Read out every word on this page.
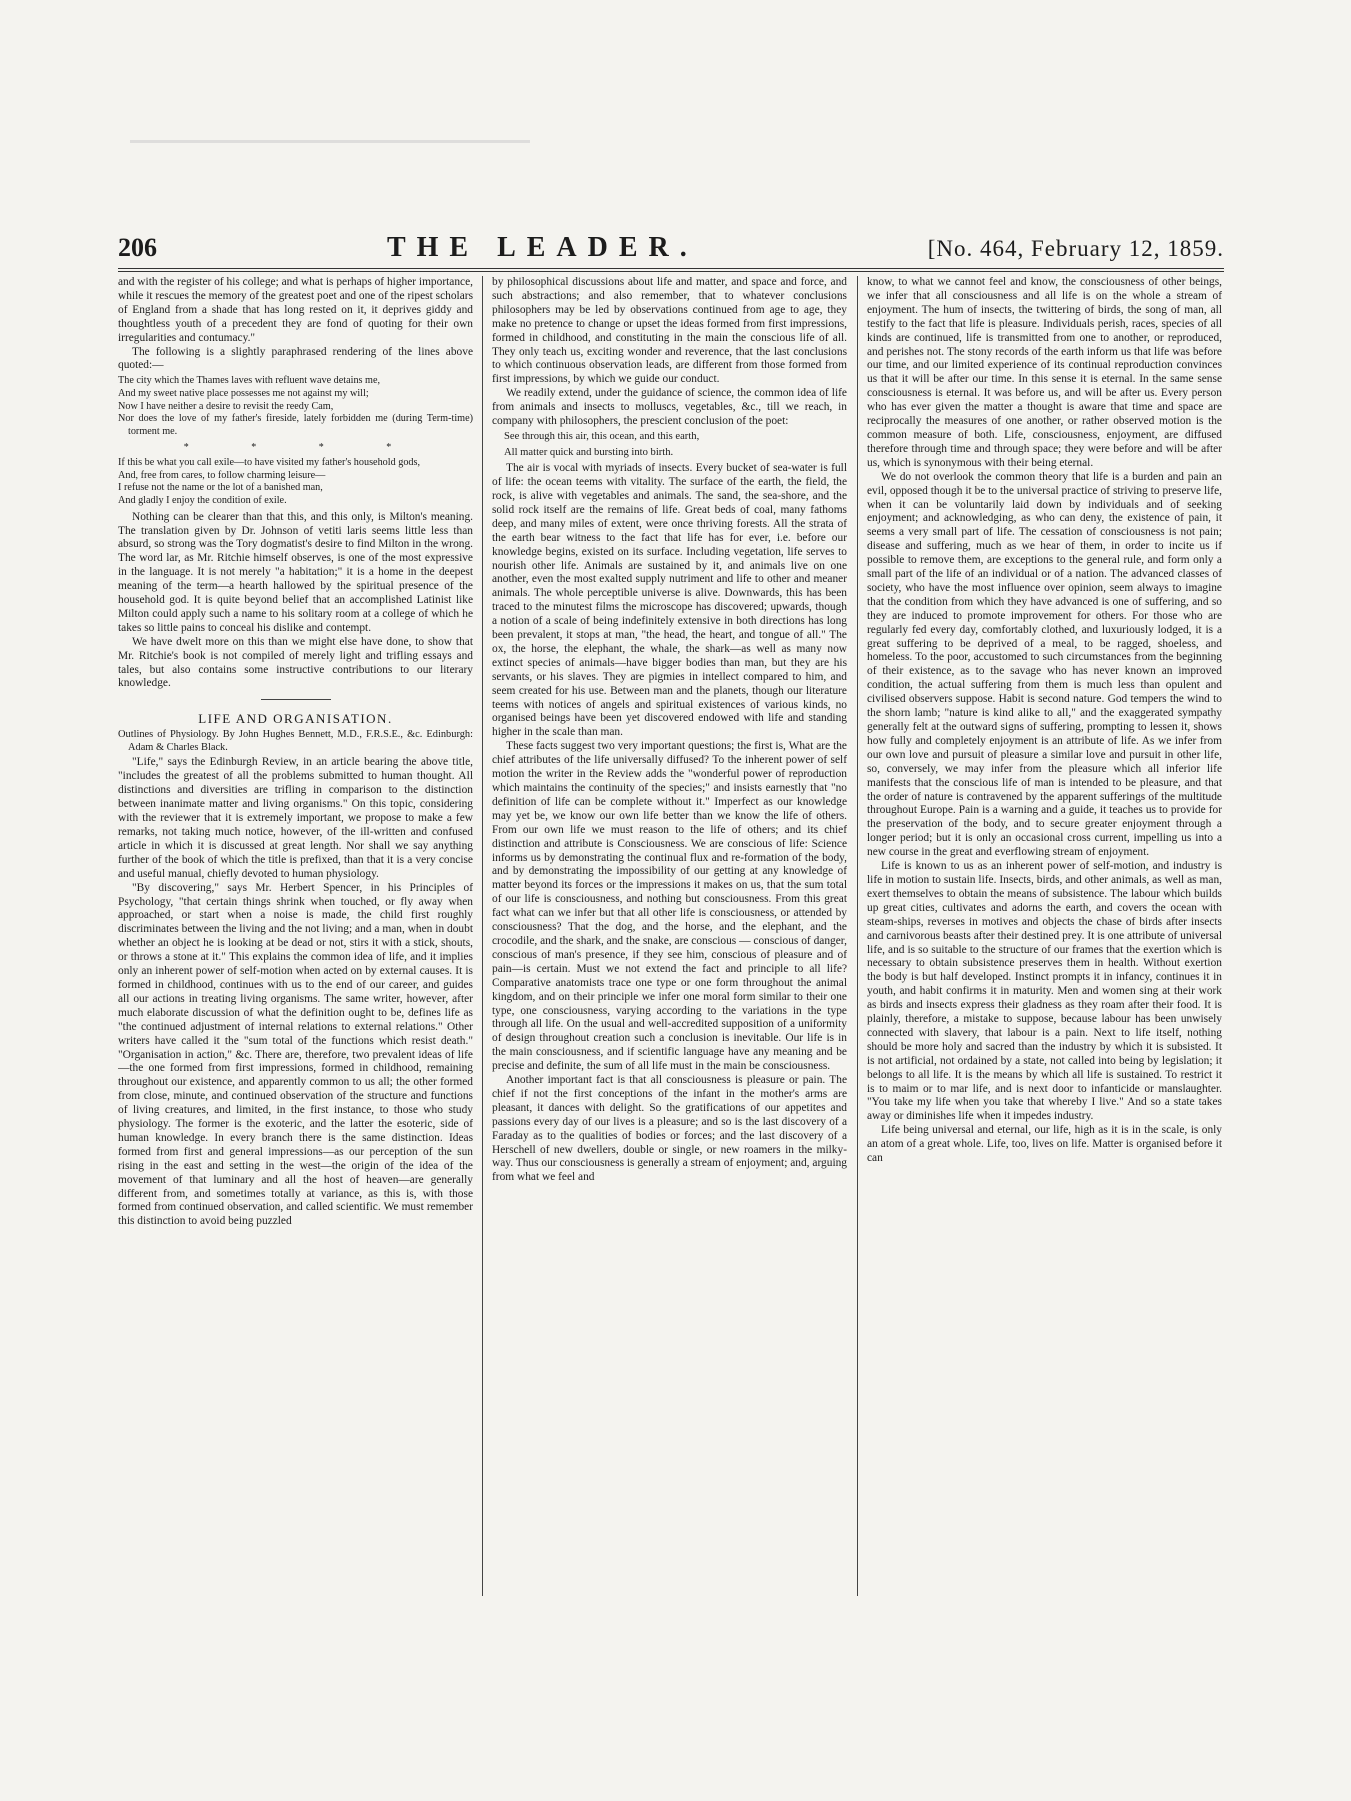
206	THE LEADER.	[No. 464, February 12, 1859.

and with the register of his college; and what is perhaps of higher importance, while it rescues the memory of the greatest poet and one of the ripest scholars of England from a shade that has long rested on it, it deprives giddy and thoughtless youth of a precedent they are fond of quoting for their own irregularities and contumacy."

The following is a slightly paraphrased rendering of the lines above quoted:—

The city which the Thames laves with refluent wave detains me,
And my sweet native place possesses me not against my will;
Now I have neither a desire to revisit the reedy Cam,
Nor does the love of my father's fireside, lately forbidden me (during Term-time) torment me.

* * * *

If this be what you call exile—to have visited my father's household gods,
And, free from cares, to follow charming leisure—
I refuse not the name or the lot of a banished man,
And gladly I enjoy the condition of exile.

Nothing can be clearer than that this, and this only, is Milton's meaning. The translation given by Dr. Johnson of vetiti laris seems little less than absurd, so strong was the Tory dogmatist's desire to find Milton in the wrong. The word lar, as Mr. Ritchie himself observes, is one of the most expressive in the language. It is not merely "a habitation;" it is a home in the deepest meaning of the term—a hearth hallowed by the spiritual presence of the household god. It is quite beyond belief that an accomplished Latinist like Milton could apply such a name to his solitary room at a college of which he takes so little pains to conceal his dislike and contempt.

We have dwelt more on this than we might else have done, to show that Mr. Ritchie's book is not compiled of merely light and trifling essays and tales, but also contains some instructive contributions to our literary knowledge.

LIFE AND ORGANISATION.
Outlines of Physiology. By John Hughes Bennett, M.D., F.R.S.E., &c. Edinburgh: Adam & Charles Black.

"Life," says the Edinburgh Review, in an article bearing the above title, "includes the greatest of all the problems submitted to human thought. All distinctions and diversities are trifling in comparison to the distinction between inanimate matter and living organisms." On this topic, considering with the reviewer that it is extremely important, we propose to make a few remarks, not taking much notice, however, of the ill-written and confused article in which it is discussed at great length. Nor shall we say anything further of the book of which the title is prefixed, than that it is a very concise and useful manual, chiefly devoted to human physiology.

"By discovering," says Mr. Herbert Spencer, in his Principles of Psychology, "that certain things shrink when touched, or fly away when approached, or start when a noise is made, the child first roughly discriminates between the living and the not living; and a man, when in doubt whether an object he is looking at be dead or not, stirs it with a stick, shouts, or throws a stone at it." This explains the common idea of life, and it implies only an inherent power of self-motion when acted on by external causes. It is formed in childhood, continues with us to the end of our career, and guides all our actions in treating living organisms. The same writer, however, after much elaborate discussion of what the definition ought to be, defines life as "the continued adjustment of internal relations to external relations." Other writers have called it the "sum total of the functions which resist death." "Organisation in action," &c. There are, therefore, two prevalent ideas of life—the one formed from first impressions, formed in childhood, remaining throughout our existence, and apparently common to us all; the other formed from close, minute, and continued observation of the structure and functions of living creatures, and limited, in the first instance, to those who study physiology. The former is the exoteric, and the latter the esoteric, side of human knowledge. In every branch there is the same distinction. Ideas formed from first and general impressions—as our perception of the sun rising in the east and setting in the west—the origin of the idea of the movement of that luminary and all the host of heaven—are generally different from, and sometimes totally at variance, as this is, with those formed from continued observation, and called scientific. We must remember this distinction to avoid being puzzled

by philosophical discussions about life and matter, and space and force, and such abstractions; and also remember, that to whatever conclusions philosophers may be led by observations continued from age to age, they make no pretence to change or upset the ideas formed from first impressions, formed in childhood, and constituting in the main the conscious life of all. They only teach us, exciting wonder and reverence, that the last conclusions to which continuous observation leads, are different from those formed from first impressions, by which we guide our conduct.

We readily extend, under the guidance of science, the common idea of life from animals and insects to molluscs, vegetables, &c., till we reach, in company with philosophers, the prescient conclusion of the poet:

See through this air, this ocean, and this earth,
All matter quick and bursting into birth.

The air is vocal with myriads of insects. Every bucket of sea-water is full of life: the ocean teems with vitality. The surface of the earth, the field, the rock, is alive with vegetables and animals. The sand, the sea-shore, and the solid rock itself are the remains of life. Great beds of coal, many fathoms deep, and many miles of extent, were once thriving forests. All the strata of the earth bear witness to the fact that life has for ever, i.e. before our knowledge begins, existed on its surface. Including vegetation, life serves to nourish other life. Animals are sustained by it, and animals live on one another, even the most exalted supply nutriment and life to other and meaner animals. The whole perceptible universe is alive. Downwards, this has been traced to the minutest films the microscope has discovered; upwards, though a notion of a scale of being indefinitely extensive in both directions has long been prevalent, it stops at man, "the head, the heart, and tongue of all." The ox, the horse, the elephant, the whale, the shark—as well as many now extinct species of animals—have bigger bodies than man, but they are his servants, or his slaves. They are pigmies in intellect compared to him, and seem created for his use. Between man and the planets, though our literature teems with notices of angels and spiritual existences of various kinds, no organised beings have been yet discovered endowed with life and standing higher in the scale than man.

These facts suggest two very important questions; the first is, What are the chief attributes of the life universally diffused? To the inherent power of self motion the writer in the Review adds the "wonderful power of reproduction which maintains the continuity of the species;" and insists earnestly that "no definition of life can be complete without it." Imperfect as our knowledge may yet be, we know our own life better than we know the life of others. From our own life we must reason to the life of others; and its chief distinction and attribute is Consciousness. We are conscious of life: Science informs us by demonstrating the continual flux and re-formation of the body, and by demonstrating the impossibility of our getting at any knowledge of matter beyond its forces or the impressions it makes on us, that the sum total of our life is consciousness, and nothing but consciousness. From this great fact what can we infer but that all other life is consciousness, or attended by consciousness? That the dog, and the horse, and the elephant, and the crocodile, and the shark, and the snake, are conscious — conscious of danger, conscious of man's presence, if they see him, conscious of pleasure and of pain—is certain. Must we not extend the fact and principle to all life? Comparative anatomists trace one type or one form throughout the animal kingdom, and on their principle we infer one moral form similar to their one type, one consciousness, varying according to the variations in the type through all life. On the usual and well-accredited supposition of a uniformity of design throughout creation such a conclusion is inevitable. Our life is in the main consciousness, and if scientific language have any meaning and be precise and definite, the sum of all life must in the main be consciousness.

Another important fact is that all consciousness is pleasure or pain. The chief if not the first conceptions of the infant in the mother's arms are pleasant, it dances with delight. So the gratifications of our appetites and passions every day of our lives is a pleasure; and so is the last discovery of a Faraday as to the qualities of bodies or forces; and the last discovery of a Herschell of new dwellers, double or single, or new roamers in the milky-way. Thus our consciousness is generally a stream of enjoyment; and, arguing from what we feel and

know, to what we cannot feel and know, the consciousness of other beings, we infer that all consciousness and all life is on the whole a stream of enjoyment. The hum of insects, the twittering of birds, the song of man, all testify to the fact that life is pleasure. Individuals perish, races, species of all kinds are continued, life is transmitted from one to another, or reproduced, and perishes not. The stony records of the earth inform us that life was before our time, and our limited experience of its continual reproduction convinces us that it will be after our time. In this sense it is eternal. In the same sense consciousness is eternal. It was before us, and will be after us. Every person who has ever given the matter a thought is aware that time and space are reciprocally the measures of one another, or rather observed motion is the common measure of both. Life, consciousness, enjoyment, are diffused therefore through time and through space; they were before and will be after us, which is synonymous with their being eternal.

We do not overlook the common theory that life is a burden and pain an evil, opposed though it be to the universal practice of striving to preserve life, when it can be voluntarily laid down by individuals and of seeking enjoyment; and acknowledging, as who can deny, the existence of pain, it seems a very small part of life. The cessation of consciousness is not pain; disease and suffering, much as we hear of them, in order to incite us if possible to remove them, are exceptions to the general rule, and form only a small part of the life of an individual or of a nation. The advanced classes of society, who have the most influence over opinion, seem always to imagine that the condition from which they have advanced is one of suffering, and so they are induced to promote improvement for others. For those who are regularly fed every day, comfortably clothed, and luxuriously lodged, it is a great suffering to be deprived of a meal, to be ragged, shoeless, and homeless. To the poor, accustomed to such circumstances from the beginning of their existence, as to the savage who has never known an improved condition, the actual suffering from them is much less than opulent and civilised observers suppose. Habit is second nature. God tempers the wind to the shorn lamb; "nature is kind alike to all," and the exaggerated sympathy generally felt at the outward signs of suffering, prompting to lessen it, shows how fully and completely enjoyment is an attribute of life. As we infer from our own love and pursuit of pleasure a similar love and pursuit in other life, so, conversely, we may infer from the pleasure which all inferior life manifests that the conscious life of man is intended to be pleasure, and that the order of nature is contravened by the apparent sufferings of the multitude throughout Europe. Pain is a warning and a guide, it teaches us to provide for the preservation of the body, and to secure greater enjoyment through a longer period; but it is only an occasional cross current, impelling us into a new course in the great and everflowing stream of enjoyment.

Life is known to us as an inherent power of self-motion, and industry is life in motion to sustain life. Insects, birds, and other animals, as well as man, exert themselves to obtain the means of subsistence. The labour which builds up great cities, cultivates and adorns the earth, and covers the ocean with steam-ships, reverses in motives and objects the chase of birds after insects and carnivorous beasts after their destined prey. It is one attribute of universal life, and is so suitable to the structure of our frames that the exertion which is necessary to obtain subsistence preserves them in health. Without exertion the body is but half developed. Instinct prompts it in infancy, continues it in youth, and habit confirms it in maturity. Men and women sing at their work as birds and insects express their gladness as they roam after their food. It is plainly, therefore, a mistake to suppose, because labour has been unwisely connected with slavery, that labour is a pain. Next to life itself, nothing should be more holy and sacred than the industry by which it is subsisted. It is not artificial, not ordained by a state, not called into being by legislation; it belongs to all life. It is the means by which all life is sustained. To restrict it is to maim or to mar life, and is next door to infanticide or manslaughter. "You take my life when you take that whereby I live." And so a state takes away or diminishes life when it impedes industry.

Life being universal and eternal, our life, high as it is in the scale, is only an atom of a great whole. Life, too, lives on life. Matter is organised before it can
